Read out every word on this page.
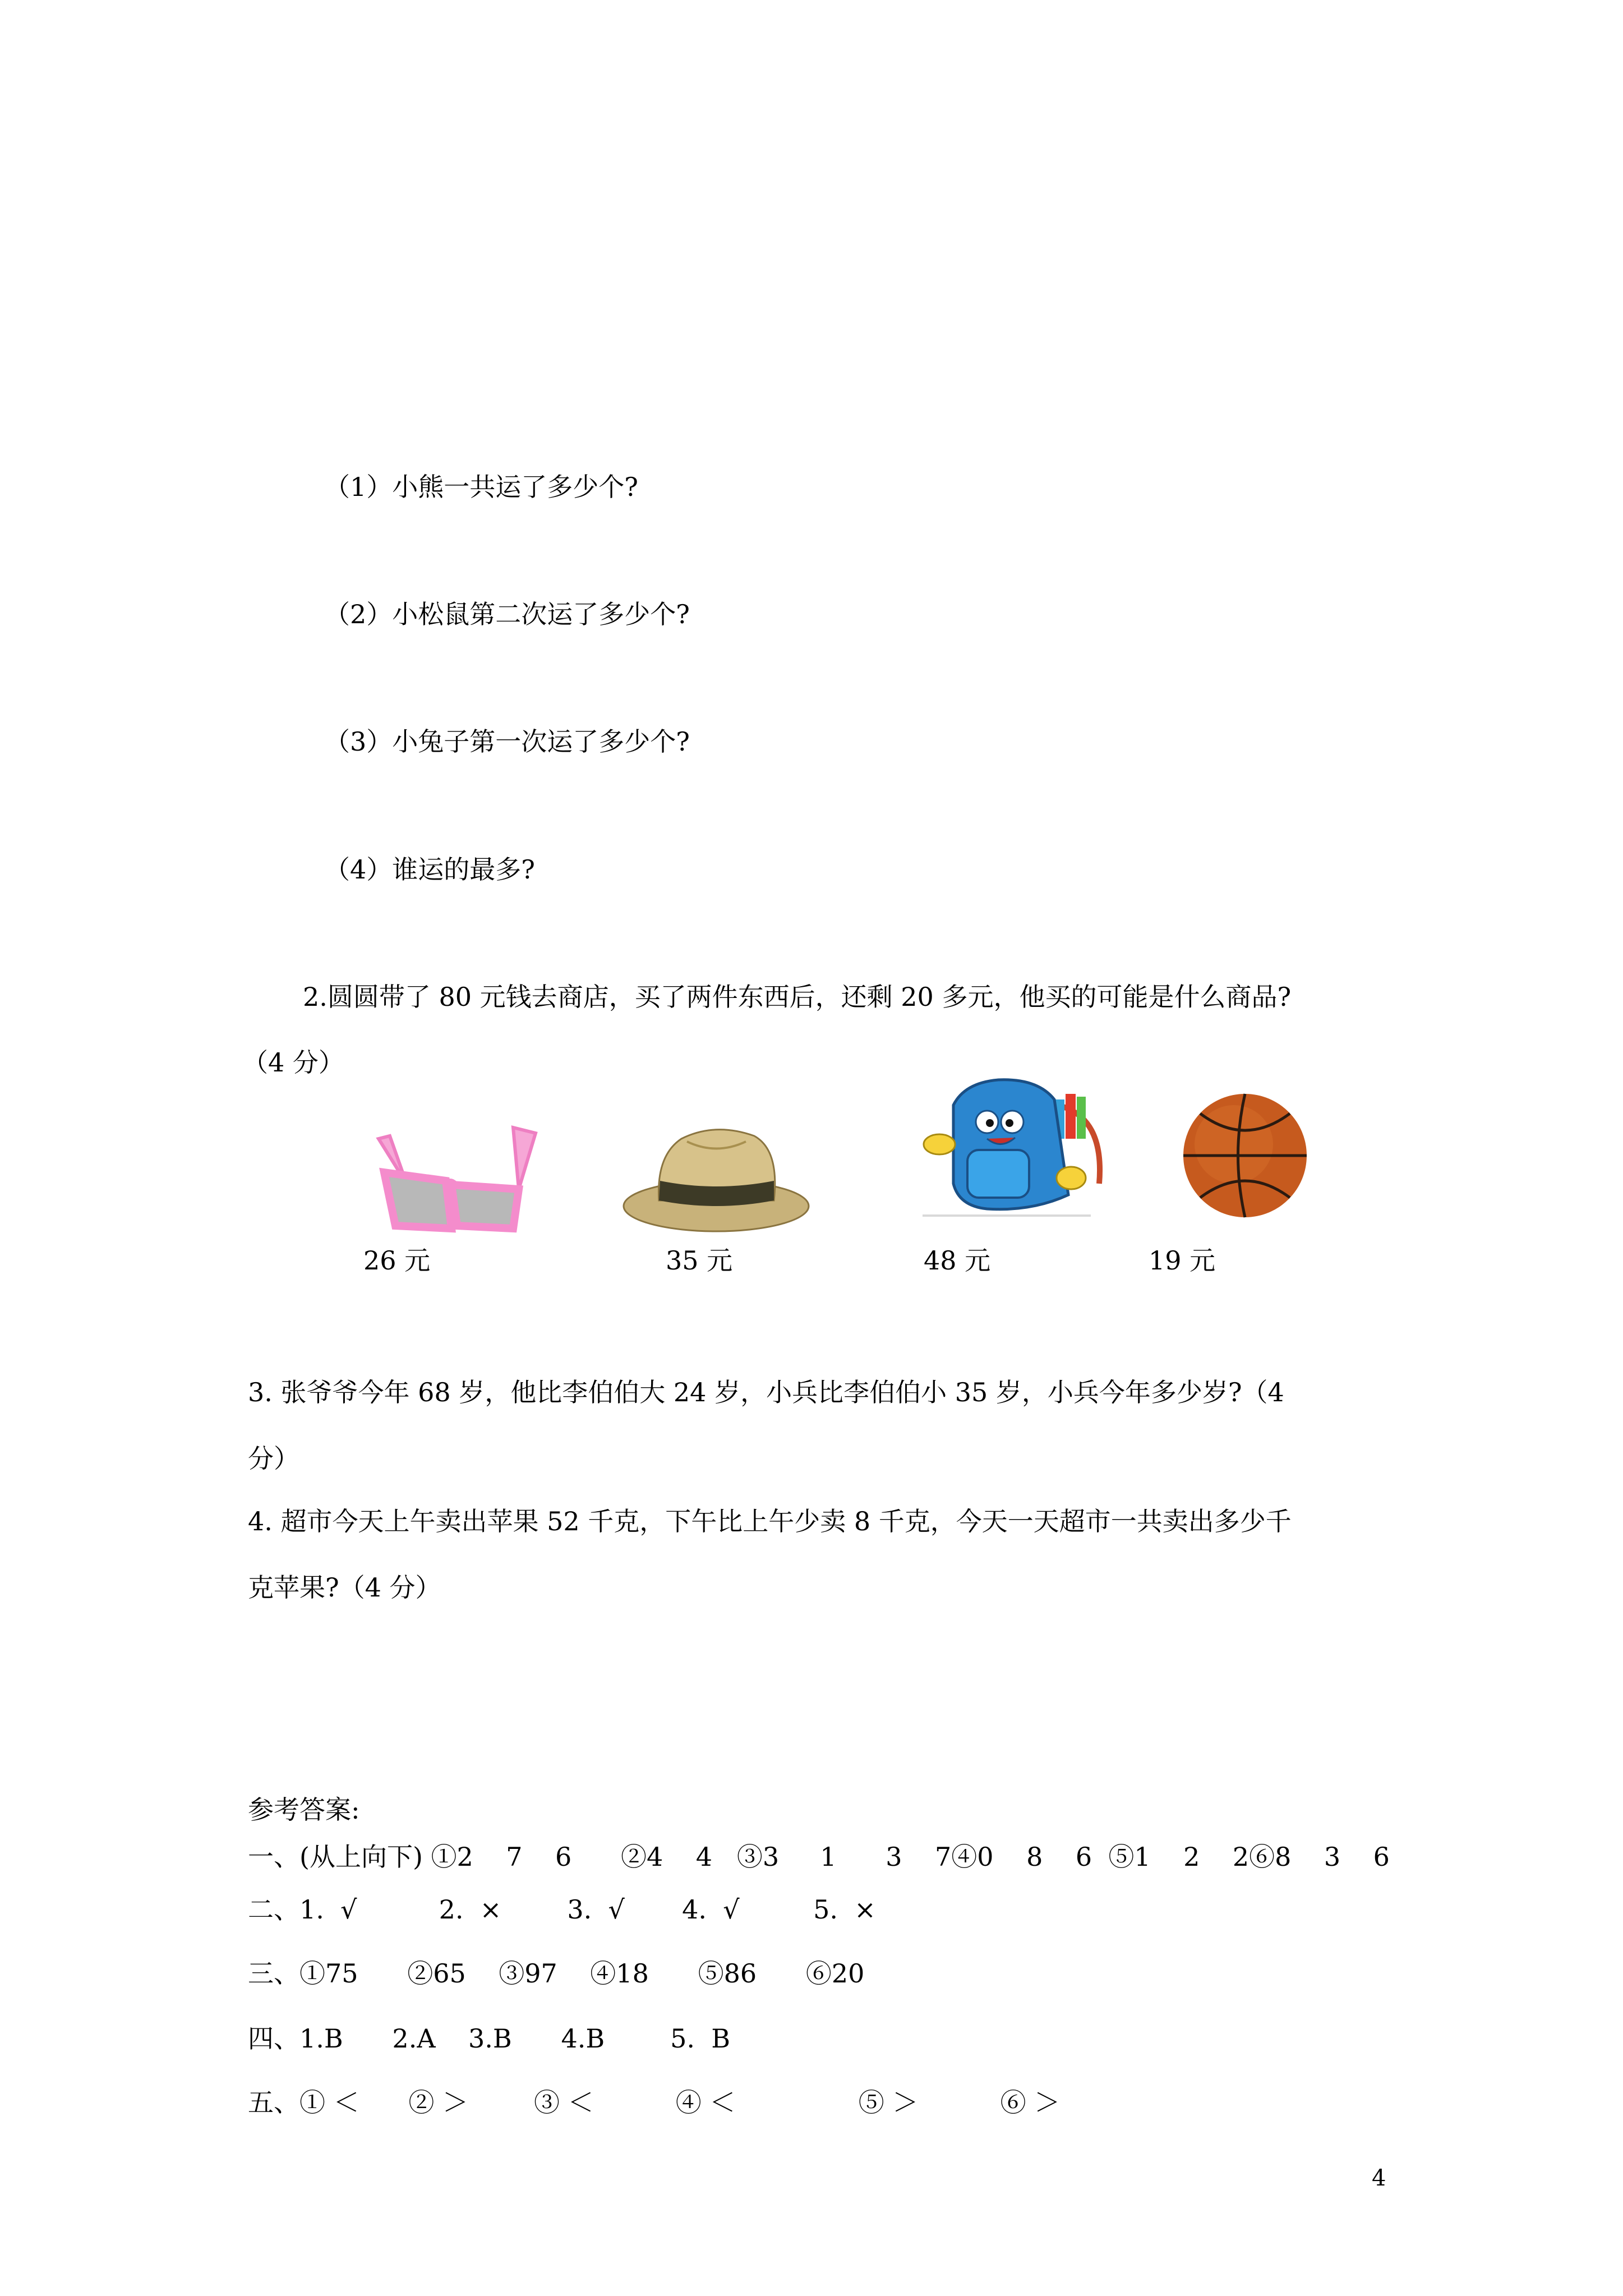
（1）小熊一共运了多少个?
（2）小松鼠第二次运了多少个?
（3）小兔子第一次运了多少个?
（4）谁运的最多?
2.圆圆带了 80 元钱去商店，买了两件东西后，还剩 20 多元，他买的可能是什么商品?
（4 分）
26 元	35 元	48 元	19 元
3. 张爷爷今年 68 岁，他比李伯伯大 24 岁，小兵比李伯伯小 35 岁，小兵今年多少岁?（4
分）
4. 超市今天上午卖出苹果 52 千克，下午比上午少卖 8 千克，今天一天超市一共卖出多少千
克苹果?（4 分）
参考答案:
一、(从上向下) ①2    7    6      ②4    4   ③3     1      3    7④0    8    6  ⑤1    2    2⑥8    3    6
二、1.  √          2.  ×        3.  √       4.  √         5.  ×
三、①75      ②65    ③97    ④18      ⑤86      ⑥20
四、1.B      2.A    3.B      4.B        5.  B
五、① ＜      ② ＞        ③ ＜          ④ ＜               ⑤ ＞          ⑥ ＞
4
